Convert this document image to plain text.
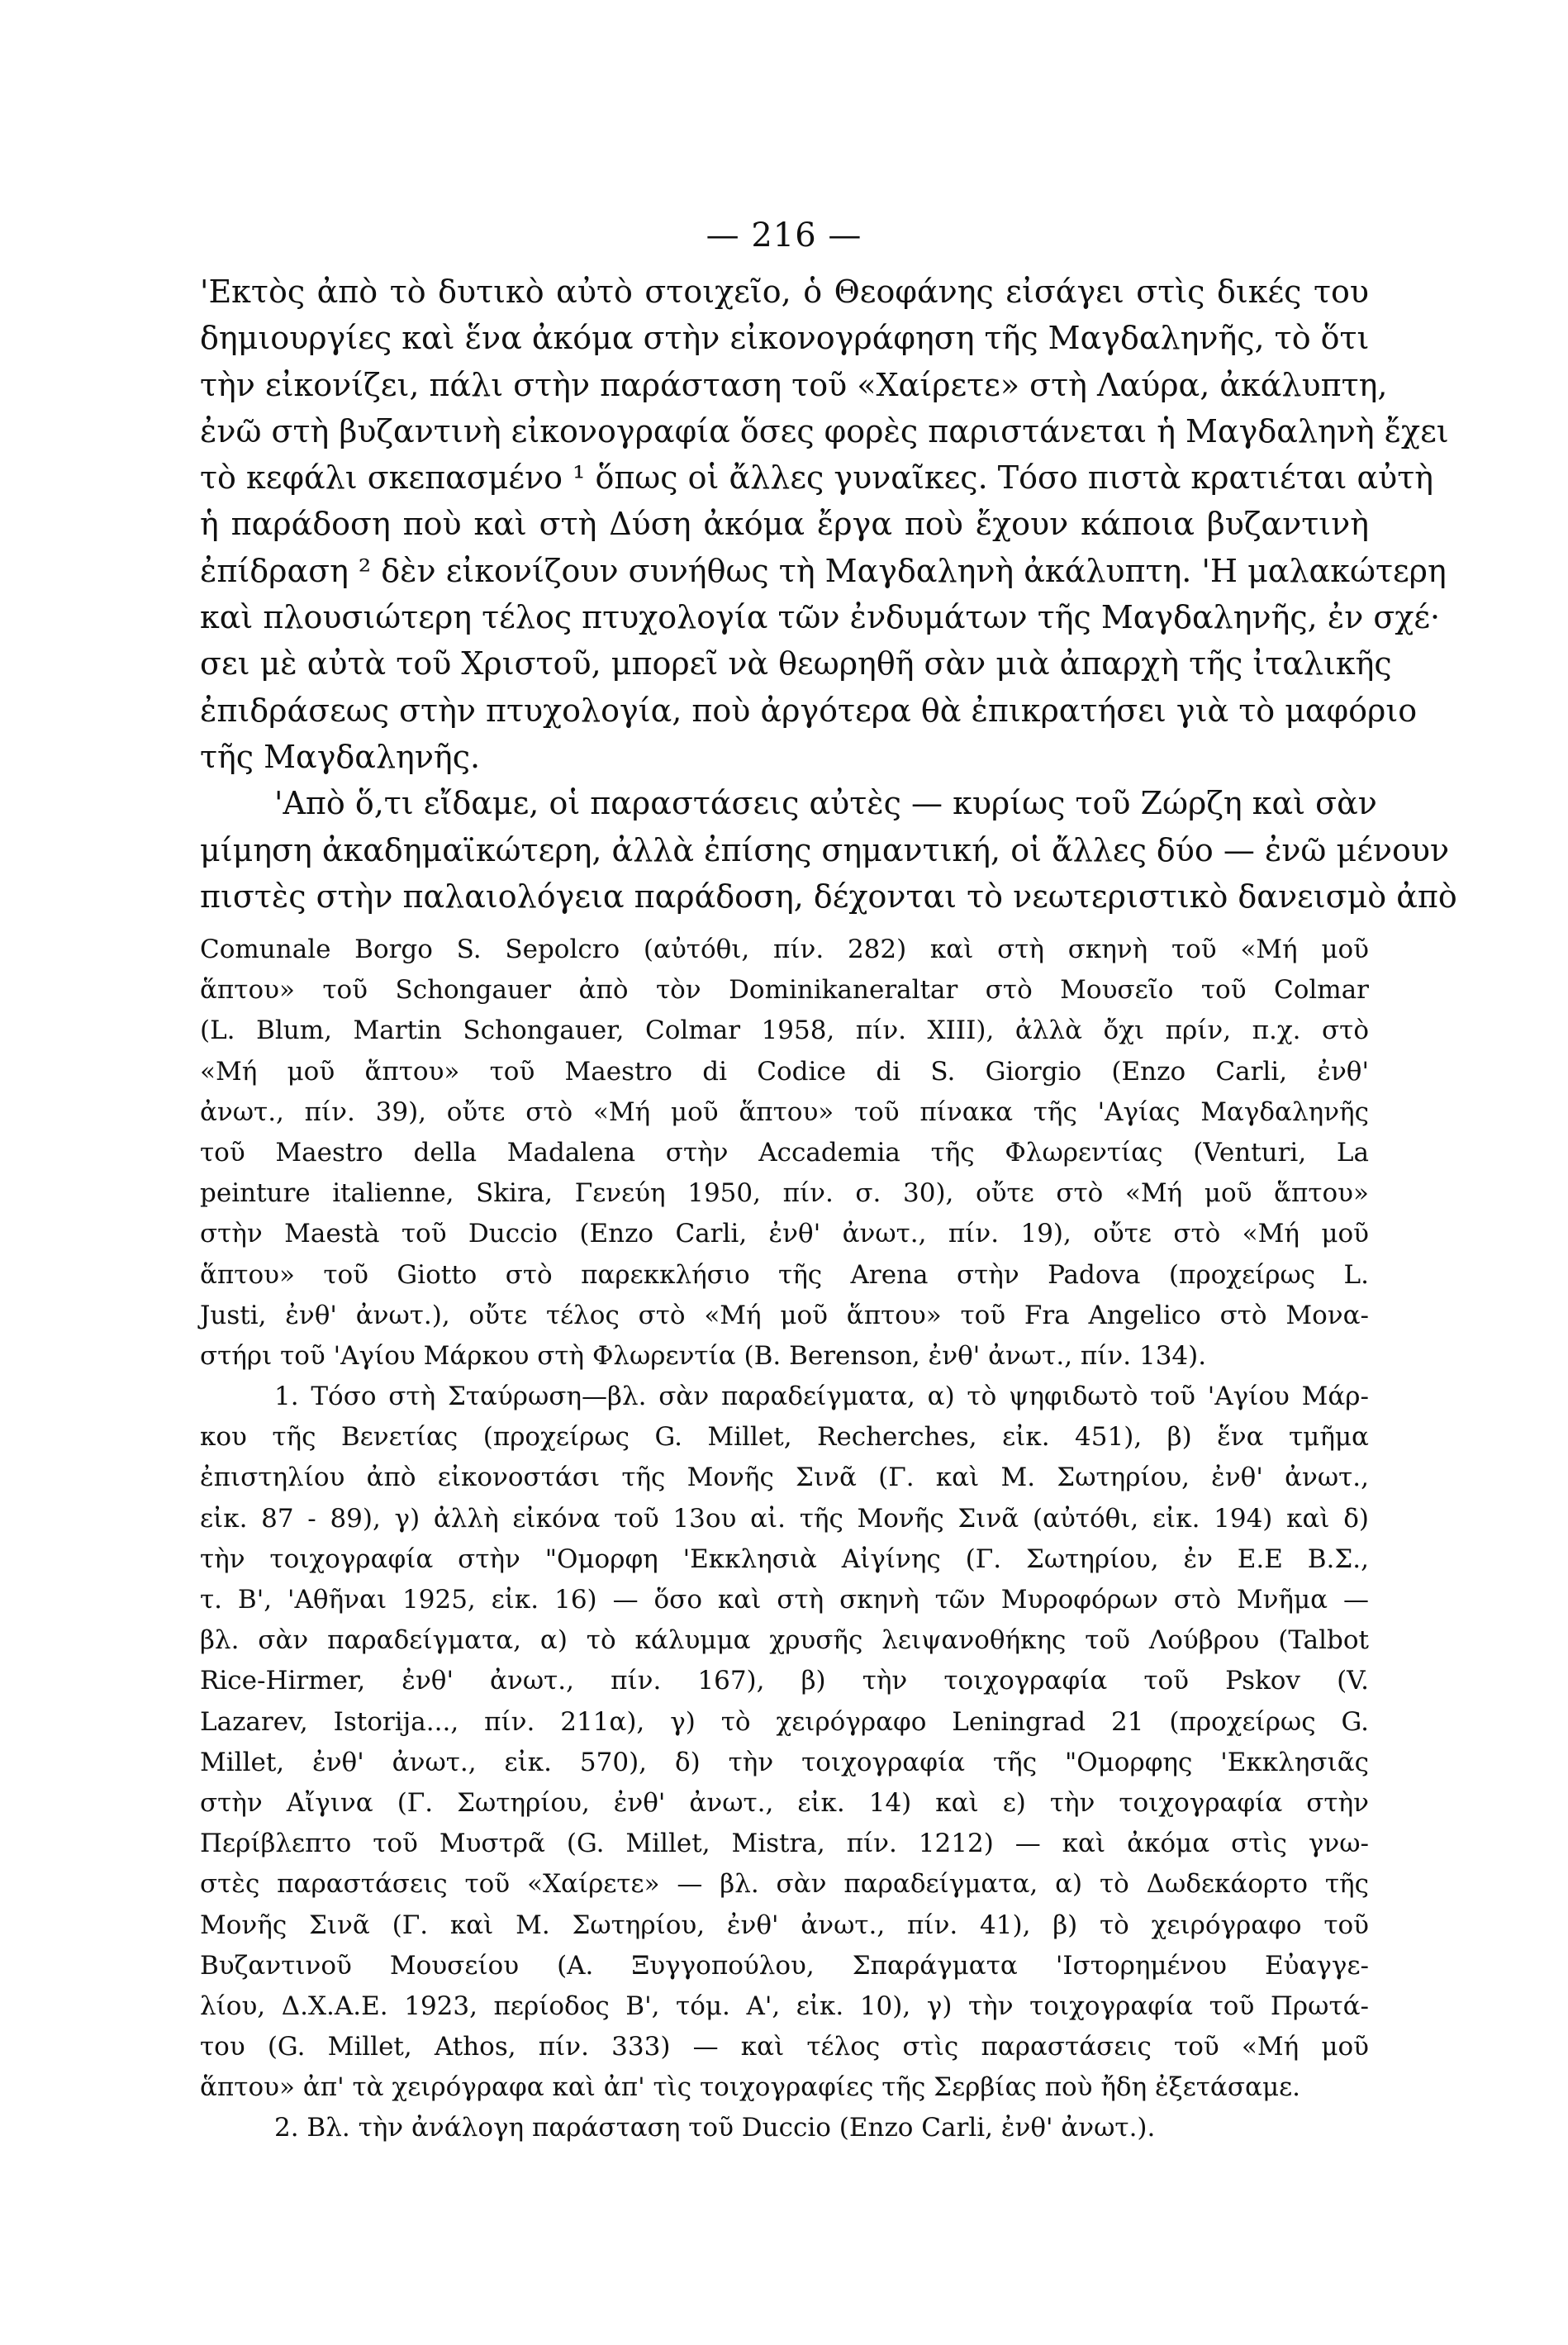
— 216 —
'Εκτὸς ἀπὸ τὸ δυτικὸ αὐτὸ στοιχεῖο, ὁ Θεοφάνης εἰσάγει στὶς δικές του
δημιουργίες καὶ ἕνα ἀκόμα στὴν εἰκονογράφηση τῆς Μαγδαληνῆς, τὸ ὅτι
τὴν εἰκονίζει, πάλι στὴν παράσταση τοῦ «Χαίρετε» στὴ Λαύρα, ἀκάλυπτη,
ἐνῶ στὴ βυζαντινὴ εἰκονογραφία ὅσες φορὲς παριστάνεται ἡ Μαγδαληνὴ ἔχει
τὸ κεφάλι σκεπασμένο ¹ ὅπως οἱ ἄλλες γυναῖκες. Τόσο πιστὰ κρατιέται αὐτὴ
ἡ παράδοση ποὺ καὶ στὴ Δύση ἀκόμα ἔργα ποὺ ἔχουν κάποια βυζαντινὴ
ἐπίδραση ² δὲν εἰκονίζουν συνήθως τὴ Μαγδαληνὴ ἀκάλυπτη. 'Η μαλακώτερη
καὶ πλουσιώτερη τέλος πτυχολογία τῶν ἐνδυμάτων τῆς Μαγδαληνῆς, ἐν σχέ·
σει μὲ αὐτὰ τοῦ Χριστοῦ, μπορεῖ νὰ θεωρηθῆ σὰν μιὰ ἀπαρχὴ τῆς ἰταλικῆς
ἐπιδράσεως στὴν πτυχολογία, ποὺ ἀργότερα θὰ ἐπικρατήσει γιὰ τὸ μαφόριο
τῆς Μαγδαληνῆς.
'Απὸ ὅ,τι εἴδαμε, οἱ παραστάσεις αὐτὲς — κυρίως τοῦ Ζώρζη καὶ σὰν
μίμηση ἀκαδημαϊκώτερη, ἀλλὰ ἐπίσης σημαντική, οἱ ἄλλες δύο — ἐνῶ μένουν
πιστὲς στὴν παλαιολόγεια παράδοση, δέχονται τὸ νεωτεριστικὸ δανεισμὸ ἀπὸ
Comunale Borgo S. Sepolcro (αὐτόθι, πίν. 282) καὶ στὴ σκηνὴ τοῦ «Μή μοῦ
ἅπτου» τοῦ Schongauer ἀπὸ τὸν Dominikaneraltar στὸ Μουσεῖο τοῦ Colmar
(L. Blum, Martin Schongauer, Colmar 1958, πίν. XIII), ἀλλὰ ὄχι πρίν, π.χ. στὸ
«Μή μοῦ ἅπτου» τοῦ Maestro di Codice di S. Giorgio (Enzo Carli, ἐνθ'
ἀνωτ., πίν. 39), οὔτε στὸ «Μή μοῦ ἅπτου» τοῦ πίνακα τῆς 'Αγίας Μαγδαληνῆς
τοῦ Maestro della Madalena στὴν Accademia τῆς Φλωρεντίας (Venturi, La
peinture italienne, Skira, Γενεύη 1950, πίν. σ. 30), οὔτε στὸ «Μή μοῦ ἅπτου»
στὴν Maestà τοῦ Duccio (Enzo Carli, ἐνθ' ἀνωτ., πίν. 19), οὔτε στὸ «Μή μοῦ
ἅπτου» τοῦ Giotto στὸ παρεκκλήσιο τῆς Arena στὴν Padova (προχείρως L.
Justi, ἐνθ' ἀνωτ.), οὔτε τέλος στὸ «Μή μοῦ ἅπτου» τοῦ Fra Angelico στὸ Μονα-
στήρι τοῦ 'Αγίου Μάρκου στὴ Φλωρεντία (B. Berenson, ἐνθ' ἀνωτ., πίν. 134).
1. Τόσο στὴ Σταύρωση—βλ. σὰν παραδείγματα, α) τὸ ψηφιδωτὸ τοῦ 'Αγίου Μάρ-
κου τῆς Βενετίας (προχείρως G. Millet, Recherches, εἰκ. 451), β) ἕνα τμῆμα
ἐπιστηλίου ἀπὸ εἰκονοστάσι τῆς Μονῆς Σινᾶ (Γ. καὶ Μ. Σωτηρίου, ἐνθ' ἀνωτ.,
εἰκ. 87 - 89), γ) ἀλλὴ εἰκόνα τοῦ 13ου αἰ. τῆς Μονῆς Σινᾶ (αὐτόθι, εἰκ. 194) καὶ δ)
τὴν τοιχογραφία στὴν "Ομορφη 'Εκκλησιὰ Αἰγίνης (Γ. Σωτηρίου, ἐν Ε.Ε Β.Σ.,
τ. Β', 'Αθῆναι 1925, εἰκ. 16) — ὅσο καὶ στὴ σκηνὴ τῶν Μυροφόρων στὸ Μνῆμα —
βλ. σὰν παραδείγματα, α) τὸ κάλυμμα χρυσῆς λειψανοθήκης τοῦ Λούβρου (Talbot
Rice-Hirmer, ἐνθ' ἀνωτ., πίν. 167), β) τὴν τοιχογραφία τοῦ Pskov (V.
Lazarev, Istorija..., πίν. 211α), γ) τὸ χειρόγραφο Leningrad 21 (προχείρως G.
Millet, ἐνθ' ἀνωτ., εἰκ. 570), δ) τὴν τοιχογραφία τῆς "Ομορφης 'Εκκλησιᾶς
στὴν Αἴγινα (Γ. Σωτηρίου, ἐνθ' ἀνωτ., εἰκ. 14) καὶ ε) τὴν τοιχογραφία στὴν
Περίβλεπτο τοῦ Μυστρᾶ (G. Millet, Mistra, πίν. 1212) — καὶ ἀκόμα στὶς γνω-
στὲς παραστάσεις τοῦ «Χαίρετε» — βλ. σὰν παραδείγματα, α) τὸ Δωδεκάορτο τῆς
Μονῆς Σινᾶ (Γ. καὶ Μ. Σωτηρίου, ἐνθ' ἀνωτ., πίν. 41), β) τὸ χειρόγραφο τοῦ
Βυζαντινοῦ Μουσείου (Α. Ξυγγοπούλου, Σπαράγματα 'Ιστορημένου Εὐαγγε-
λίου, Δ.Χ.Α.Ε. 1923, περίοδος Β', τόμ. Α', εἰκ. 10), γ) τὴν τοιχογραφία τοῦ Πρωτά-
του (G. Millet, Athos, πίν. 333) — καὶ τέλος στὶς παραστάσεις τοῦ «Μή μοῦ
ἅπτου» ἀπ' τὰ χειρόγραφα καὶ ἀπ' τὶς τοιχογραφίες τῆς Σερβίας ποὺ ἤδη ἐξετάσαμε.
2. Βλ. τὴν ἀνάλογη παράσταση τοῦ Duccio (Enzo Carli, ἐνθ' ἀνωτ.).
